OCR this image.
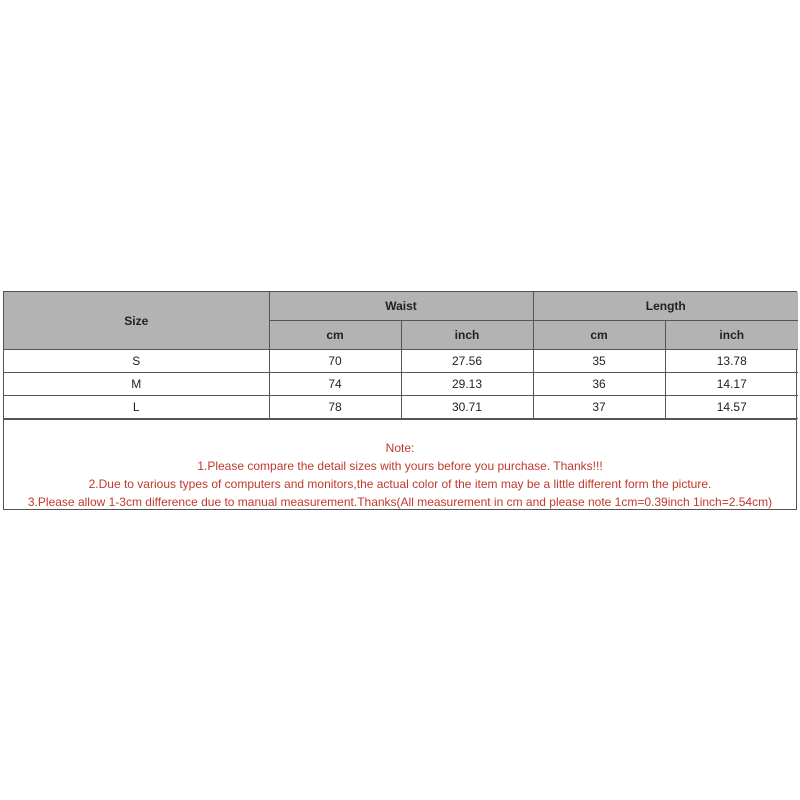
Size	Waist		Length	
	cm	inch	cm	inch
S	70	27.56	35	13.78
M	74	29.13	36	14.17
L	78	30.71	37	14.57
Note:
1.Please compare the detail sizes with yours before you purchase. Thanks!!!
2.Due to various types of computers and monitors,the actual color of the item may be a little different form the picture.
3.Please allow 1-3cm difference due to manual measurement.Thanks(All measurement in cm and please note 1cm=0.39inch 1inch=2.54cm)
